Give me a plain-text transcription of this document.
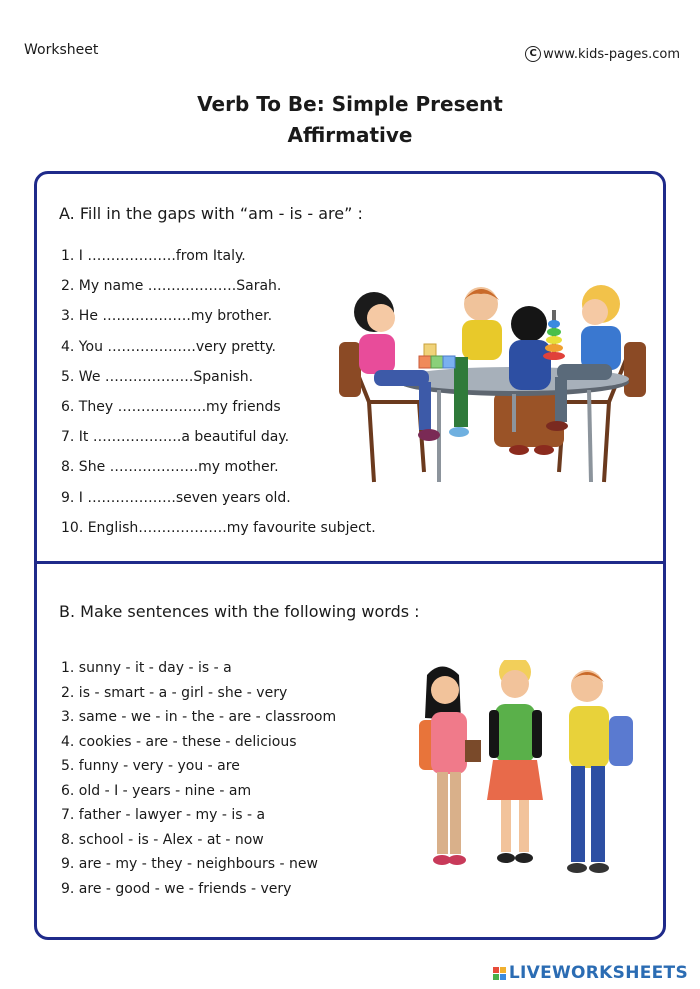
Worksheet	C www.kids-pages.com
Verb To Be: Simple Present
Affirmative
A. Fill in the gaps with “am - is - are” :
1. I ……………….from Italy.
2. My name ……………….Sarah.
3. He ……………….my brother.
4. You ……………….very pretty.
5. We ……………….Spanish.
6. They ……………….my friends
7. It ……………….a beautiful day.
8. She ……………….my mother.
9. I ……………….seven years old.
10. English……………….my favourite subject.
B. Make sentences with the following words :
1. sunny - it - day - is - a
2. is - smart - a - girl - she - very
3. same - we - in - the - are - classroom
4. cookies - are - these - delicious
5. funny - very - you - are
6. old - I - years - nine - am
7. father - lawyer - my - is - a
8. school - is - Alex - at - now
9. are - my - they - neighbours - new
9. are - good - we - friends - very
LIVEWORKSHEETS
